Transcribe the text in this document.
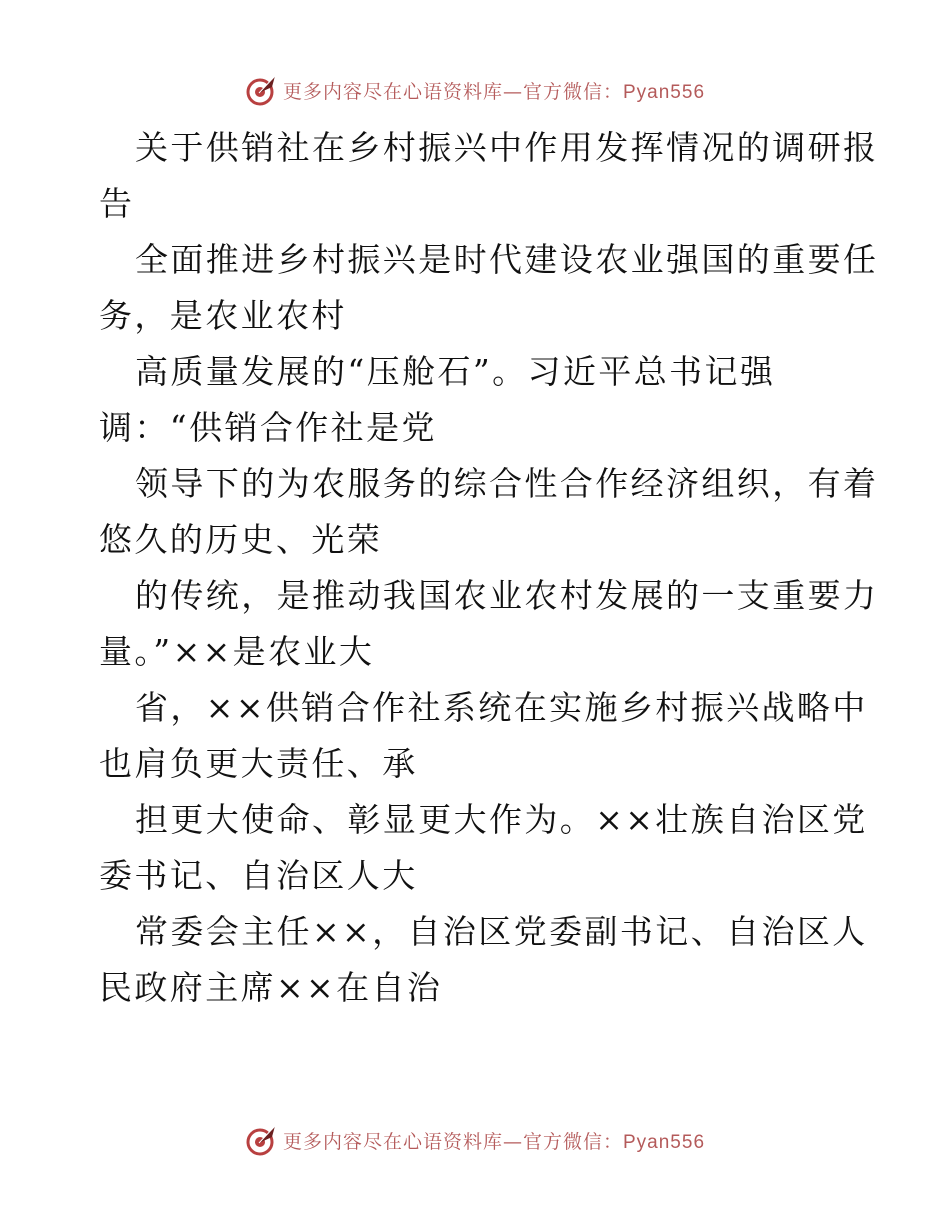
更多内容尽在心语资料库—官方微信：Pyan556
关于供销社在乡村振兴中作用发挥情况的调研报
告
全面推进乡村振兴是时代建设农业强国的重要任
务，是农业农村
高质量发展的“压舱石”。习近平总书记强
调：“供销合作社是党
领导下的为农服务的综合性合作经济组织，有着
悠久的历史、光荣
的传统，是推动我国农业农村发展的一支重要力
量。”××是农业大
省，××供销合作社系统在实施乡村振兴战略中
也肩负更大责任、承
担更大使命、彰显更大作为。××壮族自治区党
委书记、自治区人大
常委会主任××，自治区党委副书记、自治区人
民政府主席××在自治
更多内容尽在心语资料库—官方微信：Pyan556
